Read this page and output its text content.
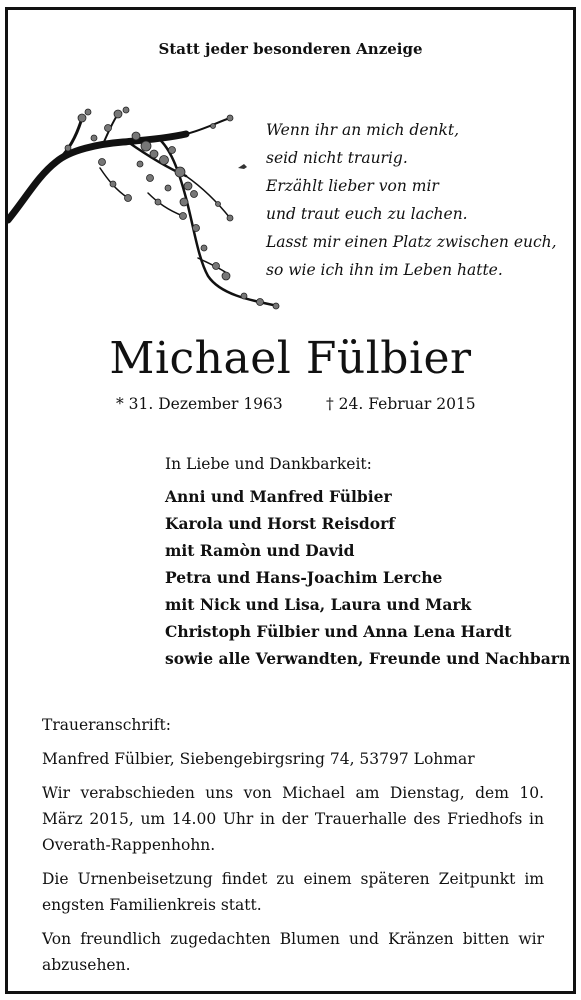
Statt jeder besonderen Anzeige
Wenn ihr an mich denkt,
seid nicht traurig.
Erzählt lieber von mir
und traut euch zu lachen.
Lasst mir einen Platz zwischen euch,
so wie ich ihn im Leben hatte.
Michael Fülbier
* 31. Dezember 1963	† 24. Februar 2015
In Liebe und Dankbarkeit:
Anni und Manfred Fülbier
Karola und Horst Reisdorf
mit Ramòn und David
Petra und Hans-Joachim Lerche
mit Nick und Lisa, Laura und Mark
Christoph Fülbier und Anna Lena Hardt
sowie alle Verwandten, Freunde und Nachbarn

Traueranschrift:

Manfred Fülbier, Siebengebirgsring 74, 53797 Lohmar

Wir verabschieden uns von Michael am Dienstag, dem 10. März 2015, um 14.00 Uhr in der Trauerhalle des Friedhofs in Overath-Rappenhohn.

Die Urnenbeisetzung findet zu einem späteren Zeitpunkt im engsten Familienkreis statt.

Von freundlich zugedachten Blumen und Kränzen bitten wir abzusehen.
